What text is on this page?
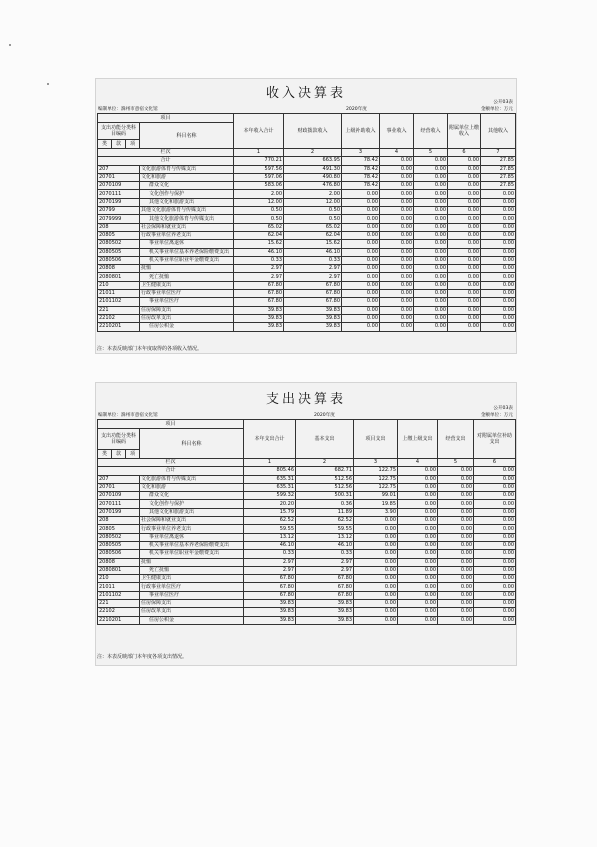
收入决算表
公开03表
编制单位：滁州市意宿文化馆	2020年度	金额单位：万元
项目				本年收入合计	财政拨款收入	上级补助收入	事业收入	经营收入	附属单位上缴收入	其他收入
支出功能分类科目编码			科目名称							
类	款	项								
栏次				1	2	3	4	5	6	7
合计				770.21	663.95	78.42	0.00	0.00	0.00	27.85
207			文化旅游体育与传媒支出	597.56	491.30	78.42	0.00	0.00	0.00	27.85
20701			文化和旅游	597.06	490.80	78.42	0.00	0.00	0.00	27.85
2070109			群众文化	583.06	476.80	78.42	0.00	0.00	0.00	27.85
2070111			文化创作与保护	2.00	2.00	0.00	0.00	0.00	0.00	0.00
2070199			其他文化和旅游支出	12.00	12.00	0.00	0.00	0.00	0.00	0.00
20799			其他文化旅游体育与传媒支出	0.50	0.50	0.00	0.00	0.00	0.00	0.00
2079999			其他文化旅游体育与传媒支出	0.50	0.50	0.00	0.00	0.00	0.00	0.00
208			社会保障和就业支出	65.02	65.02	0.00	0.00	0.00	0.00	0.00
20805			行政事业单位养老支出	62.04	62.04	0.00	0.00	0.00	0.00	0.00
2080502			事业单位离退休	15.62	15.62	0.00	0.00	0.00	0.00	0.00
2080505			机关事业单位基本养老保险缴费支出	46.10	46.10	0.00	0.00	0.00	0.00	0.00
2080506			机关事业单位职业年金缴费支出	0.33	0.33	0.00	0.00	0.00	0.00	0.00
20808			抚恤	2.97	2.97	0.00	0.00	0.00	0.00	0.00
2080801			死亡抚恤	2.97	2.97	0.00	0.00	0.00	0.00	0.00
210			卫生健康支出	67.80	67.80	0.00	0.00	0.00	0.00	0.00
21011			行政事业单位医疗	67.80	67.80	0.00	0.00	0.00	0.00	0.00
2101102			事业单位医疗	67.80	67.80	0.00	0.00	0.00	0.00	0.00
221			住房保障支出	39.83	39.83	0.00	0.00	0.00	0.00	0.00
22102			住房改革支出	39.83	39.83	0.00	0.00	0.00	0.00	0.00
2210201			住房公积金	39.83	39.83	0.00	0.00	0.00	0.00	0.00
注：本表反映部门本年度取得的各项收入情况。
支出决算表
公开03表
编制单位：滁州市意宿文化馆	2020年度	金额单位：万元
项目				本年支出合计	基本支出	项目支出	上缴上级支出	经营支出	对附属单位补助支出
支出功能分类科目编码			科目名称						
类	款	项							
栏次				1	2	3	4	5	6
合计				805.46	682.71	122.75	0.00	0.00	0.00
207			文化旅游体育与传媒支出	635.31	512.56	122.75	0.00	0.00	0.00
20701			文化和旅游	635.31	512.56	122.75	0.00	0.00	0.00
2070109			群众文化	599.32	500.31	99.01	0.00	0.00	0.00
2070111			文化创作与保护	20.20	0.36	19.85	0.00	0.00	0.00
2070199			其他文化和旅游支出	15.79	11.89	3.90	0.00	0.00	0.00
208			社会保障和就业支出	62.52	62.52	0.00	0.00	0.00	0.00
20805			行政事业单位养老支出	59.55	59.55	0.00	0.00	0.00	0.00
2080502			事业单位离退休	13.12	13.12	0.00	0.00	0.00	0.00
2080505			机关事业单位基本养老保险缴费支出	46.10	46.10	0.00	0.00	0.00	0.00
2080506			机关事业单位职业年金缴费支出	0.33	0.33	0.00	0.00	0.00	0.00
20808			抚恤	2.97	2.97	0.00	0.00	0.00	0.00
2080801			死亡抚恤	2.97	2.97	0.00	0.00	0.00	0.00
210			卫生健康支出	67.80	67.80	0.00	0.00	0.00	0.00
21011			行政事业单位医疗	67.80	67.80	0.00	0.00	0.00	0.00
2101102			事业单位医疗	67.80	67.80	0.00	0.00	0.00	0.00
221			住房保障支出	39.83	39.83	0.00	0.00	0.00	0.00
22102			住房改革支出	39.83	39.83	0.00	0.00	0.00	0.00
2210201			住房公积金	39.83	39.83	0.00	0.00	0.00	0.00
注：本表反映部门本年度各项支出情况。
